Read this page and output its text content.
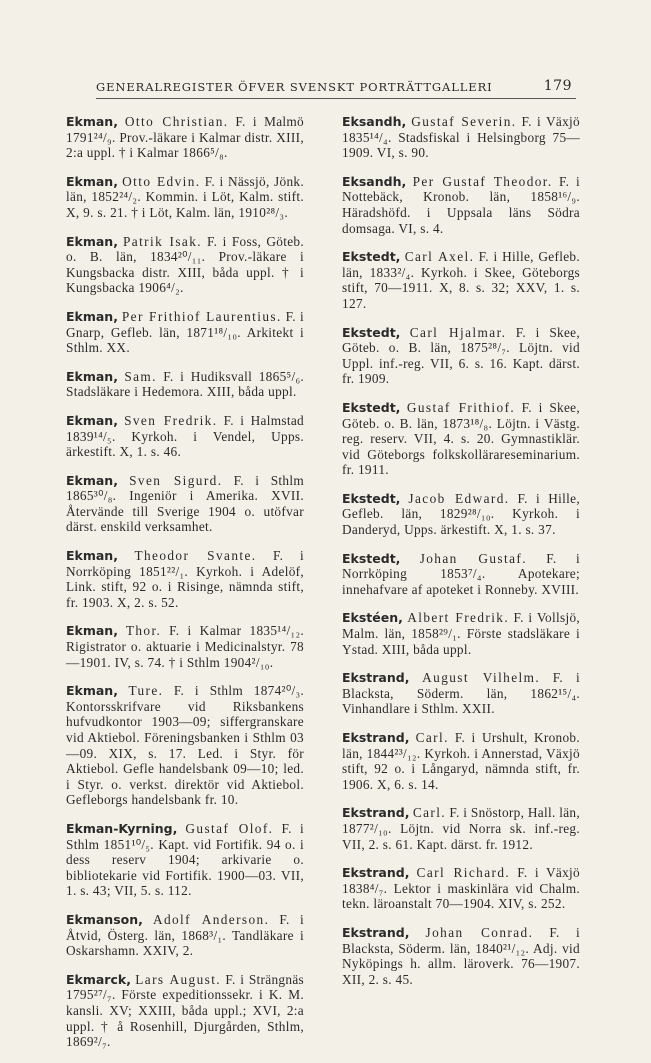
GENERALREGISTER ÖFVER SVENSKT PORTRÄTTGALLERI	179

Ekman, Otto Christian. F. i Malmö 1791²⁴/₉. Prov.-läkare i Kalmar distr. XIII, 2:a uppl. † i Kalmar 1866⁵/₈.

Ekman, Otto Edvin. F. i Nässjö, Jönk. län, 1852²⁴/₂. Kommin. i Löt, Kalm. stift. X, 9. s. 21. † i Löt, Kalm. län, 1910²⁸/₃.

Ekman, Patrik Isak. F. i Foss, Göteb. o. B. län, 1834²⁰/₁₁. Prov.-läkare i Kungsbacka distr. XIII, båda uppl. † i Kungsbacka 1906⁴/₂.

Ekman, Per Frithiof Laurentius. F. i Gnarp, Gefleb. län, 1871¹⁸/₁₀. Arkitekt i Sthlm. XX.

Ekman, Sam. F. i Hudiksvall 1865⁵/₆. Stadsläkare i Hedemora. XIII, båda uppl.

Ekman, Sven Fredrik. F. i Halmstad 1839¹⁴/₅. Kyrkoh. i Vendel, Upps. ärkestift. X, 1. s. 46.

Ekman, Sven Sigurd. F. i Sthlm 1865³⁰/₈. Ingeniör i Amerika. XVII. Återvände till Sverige 1904 o. utöfvar därst. enskild verksamhet.

Ekman, Theodor Svante. F. i Norrköping 1851²²/₁. Kyrkoh. i Adelöf, Link. stift, 92 o. i Risinge, nämnda stift, fr. 1903. X, 2. s. 52.

Ekman, Thor. F. i Kalmar 1835¹⁴/₁₂. Rigistrator o. aktuarie i Medicinalstyr. 78—1901. IV, s. 74. † i Sthlm 1904²/₁₀.

Ekman, Ture. F. i Sthlm 1874²⁰/₃. Kontorsskrifvare vid Riksbankens hufvudkontor 1903—09; siffergranskare vid Aktiebol. Föreningsbanken i Sthlm 03—09. XIX, s. 17. Led. i Styr. för Aktiebol. Gefle handelsbank 09—10; led. i Styr. o. verkst. direktör vid Aktiebol. Gefleborgs handelsbank fr. 10.

Ekman-Kyrning, Gustaf Olof. F. i Sthlm 1851¹⁰/₅. Kapt. vid Fortifik. 94 o. i dess reserv 1904; arkivarie o. bibliotekarie vid Fortifik. 1900—03. VII, 1. s. 43; VII, 5. s. 112.

Ekmanson, Adolf Anderson. F. i Åtvid, Österg. län, 1868³/₁. Tandläkare i Oskarshamn. XXIV, 2.

Ekmarck, Lars August. F. i Strängnäs 1795²⁷/₇. Förste expeditionssekr. i K. M. kansli. XV; XXIII, båda uppl.; XVI, 2:a uppl. † å Rosenhill, Djurgården, Sthlm, 1869²/₇.

Eksandh, Gustaf Severin. F. i Växjö 1835¹⁴/₄. Stadsfiskal i Helsingborg 75—1909. VI, s. 90.

Eksandh, Per Gustaf Theodor. F. i Nottebäck, Kronob. län, 1858¹⁶/₉. Häradshöfd. i Uppsala läns Södra domsaga. VI, s. 4.

Ekstedt, Carl Axel. F. i Hille, Gefleb. län, 1833²/₄. Kyrkoh. i Skee, Göteborgs stift, 70—1911. X, 8. s. 32; XXV, 1. s. 127.

Ekstedt, Carl Hjalmar. F. i Skee, Göteb. o. B. län, 1875²⁸/₇. Löjtn. vid Uppl. inf.-reg. VII, 6. s. 16. Kapt. därst. fr. 1909.

Ekstedt, Gustaf Frithiof. F. i Skee, Göteb. o. B. län, 1873¹⁸/₈. Löjtn. i Västg. reg. reserv. VII, 4. s. 20. Gymnastiklär. vid Göteborgs folkskollärareseminarium. fr. 1911.

Ekstedt, Jacob Edward. F. i Hille, Gefleb. län, 1829²⁸/₁₀. Kyrkoh. i Danderyd, Upps. ärkestift. X, 1. s. 37.

Ekstedt, Johan Gustaf. F. i Norrköping 1853⁷/₄. Apotekare; innehafvare af apoteket i Ronneby. XVIII.

Ekstéen, Albert Fredrik. F. i Vollsjö, Malm. län, 1858²⁹/₁. Förste stadsläkare i Ystad. XIII, båda uppl.

Ekstrand, August Vilhelm. F. i Blacksta, Söderm. län, 1862¹⁵/₄. Vinhandlare i Sthlm. XXII.

Ekstrand, Carl. F. i Urshult, Kronob. län, 1844²³/₁₂. Kyrkoh. i Annerstad, Växjö stift, 92 o. i Långaryd, nämnda stift, fr. 1906. X, 6. s. 14.

Ekstrand, Carl. F. i Snöstorp, Hall. län, 1877²/₁₀. Löjtn. vid Norra sk. inf.-reg. VII, 2. s. 61. Kapt. därst. fr. 1912.

Ekstrand, Carl Richard. F. i Växjö 1838⁴/₇. Lektor i maskinlära vid Chalm. tekn. läroanstalt 70—1904. XIV, s. 252.

Ekstrand, Johan Conrad. F. i Blacksta, Söderm. län, 1840²¹/₁₂. Adj. vid Nyköpings h. allm. läroverk. 76—1907. XII, 2. s. 45.
